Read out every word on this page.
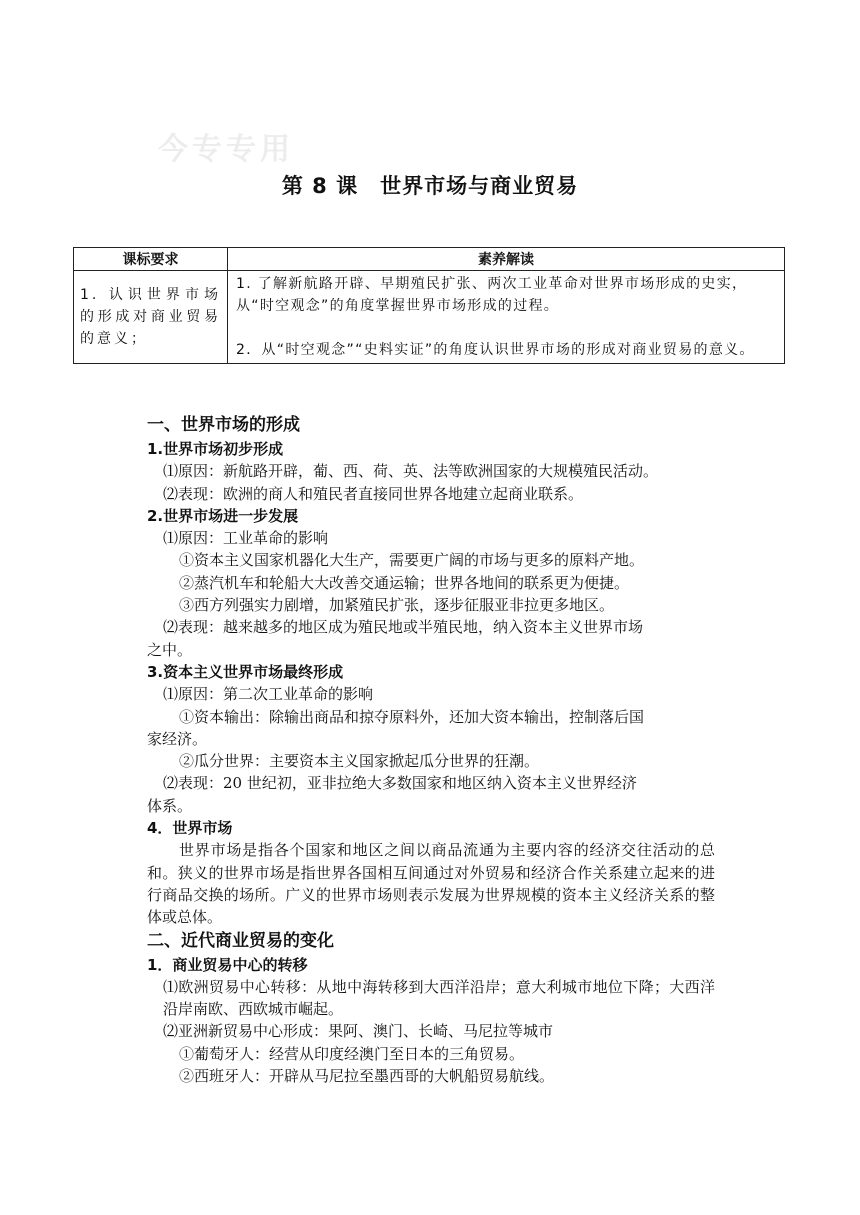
今专专用
第 8 课　世界市场与商业贸易
课标要求	素养解读
1. 认识世界市场的形成对商业贸易的意义；	1. 了解新航路开辟、早期殖民扩张、两次工业革命对世界市场形成的史实，从“时空观念”的角度掌握世界市场形成的过程。
2．从“时空观念”“史料实证”的角度认识世界市场的形成对商业贸易的意义。
一、世界市场的形成
1.世界市场初步形成
⑴原因：新航路开辟，葡、西、荷、英、法等欧洲国家的大规模殖民活动。
⑵表现：欧洲的商人和殖民者直接同世界各地建立起商业联系。
2.世界市场进一步发展
⑴原因：工业革命的影响
①资本主义国家机器化大生产，需要更广阔的市场与更多的原料产地。
②蒸汽机车和轮船大大改善交通运输；世界各地间的联系更为便捷。
③西方列强实力剧增，加紧殖民扩张，逐步征服亚非拉更多地区。
⑵表现：越来越多的地区成为殖民地或半殖民地，纳入资本主义世界市场
之中。
3.资本主义世界市场最终形成
⑴原因：第二次工业革命的影响
①资本输出：除输出商品和掠夺原料外，还加大资本输出，控制落后国
家经济。
②瓜分世界：主要资本主义国家掀起瓜分世界的狂潮。
⑵表现：20 世纪初，亚非拉绝大多数国家和地区纳入资本主义世界经济
体系。
4．世界市场
世界市场是指各个国家和地区之间以商品流通为主要内容的经济交往活动的总和。狭义的世界市场是指世界各国相互间通过对外贸易和经济合作关系建立起来的进行商品交换的场所。广义的世界市场则表示发展为世界规模的资本主义经济关系的整体或总体。
二、近代商业贸易的变化
1．商业贸易中心的转移
⑴欧洲贸易中心转移：从地中海转移到大西洋沿岸；意大利城市地位下降；大西洋沿岸南欧、西欧城市崛起。
⑵亚洲新贸易中心形成：果阿、澳门、长崎、马尼拉等城市
①葡萄牙人：经营从印度经澳门至日本的三角贸易。
②西班牙人：开辟从马尼拉至墨西哥的大帆船贸易航线。
